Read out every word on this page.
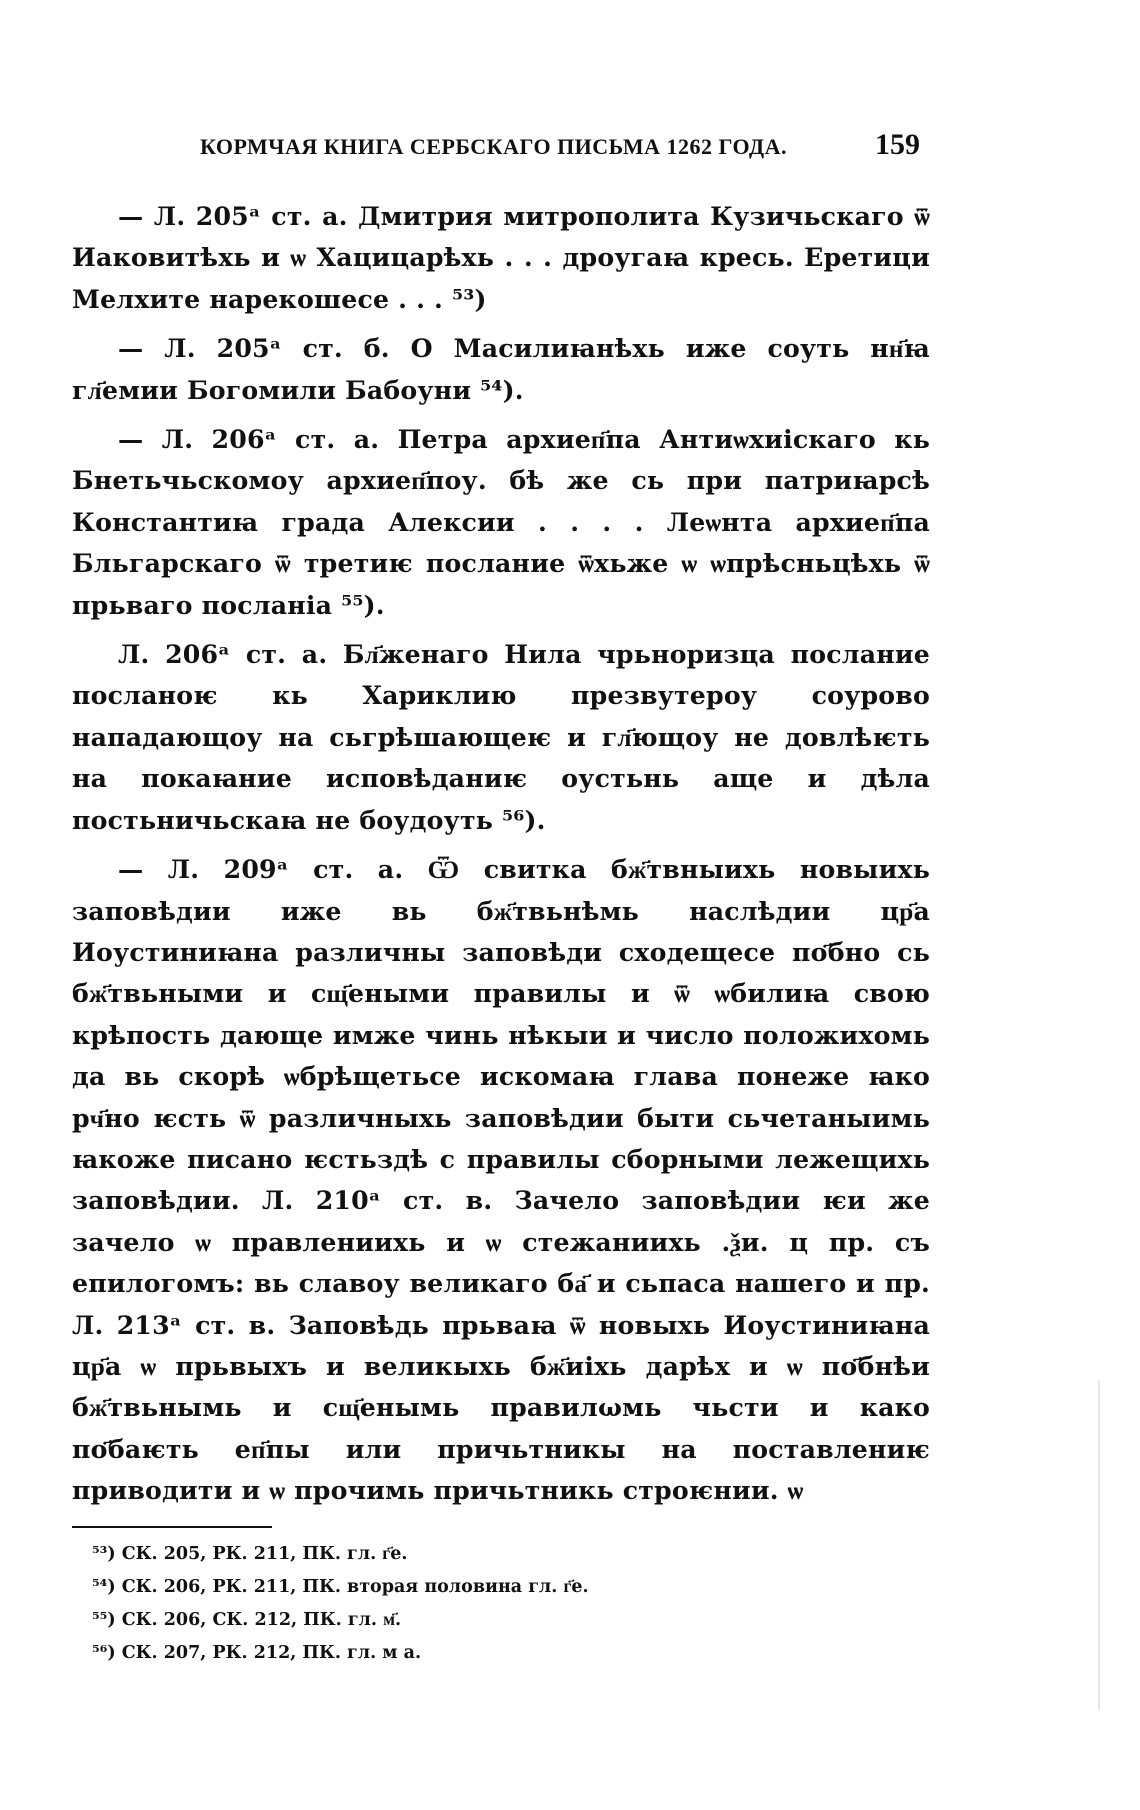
КОРМЧАЯ КНИГА СЕРБСКАГО ПИСЬМА 1262 ГОДА.	159

— Л. 205ᵃ ст. а. Дмитрия митрополита Кузичьскаго ѿ Иаковитѣхь и ѡ Хацицарѣхь . . . дроугаꙗ кресь. Еретици Мелхите нарекошесе . . . ⁵³)

— Л. 205ᵃ ст. б. О Масилиꙗнѣхь иже соуть нн҃ꙗ гл҃емии Богомили Бабоуни ⁵⁴).

— Л. 206ᵃ ст. а. Петра архиеп҃па Антиѡхиiскаго кь Бнетьчьскомоу архиеп҃поу. бѣ же сь при патриꙗрсѣ Константиꙗ града Алексии . . . . Леѡнта архиеп҃па Бльгарскаго ѿ третиѥ послание ѿхьже ѡ ѡпрѣсньцѣхь ѿ прьваго посланiа ⁵⁵).

Л. 206ᵃ ст. а. Бл҃женаго Нила чрьноризца послание посланоѥ кь Хариклию презвутероу соурово нападающоу на сьгрѣшающеѥ и гл҃ющоу не довлѣѥть на покаꙗние исповѣданиѥ оустьнь аще и дѣла постьничьскаꙗ не боудоуть ⁵⁶).

— Л. 209ᵃ ст. а. Ѿ свитка бж҃твныихь новыихь заповѣдии иже вь бж҃твьнѣмь наслѣдии цр҃а Иоустиниꙗна различны заповѣди сходещесе пο҃бно сь бж҃твьными и сщ҃еными правилы и ѿ ѡбилиꙗ свою крѣпость дающе имже чинь нѣкыи и число положихомь да вь скорѣ ѡбрѣщетьсе искомаꙗ глава понеже ꙗко рч҃но ѥсть ѿ различныхь заповѣдии быти сьчетаныимь ꙗкоже писано ѥстьздѣ с правилы сборными лежещихь заповѣдии. Л. 210ᵃ ст. в. Зачело заповѣдии ѥи же зачело ѡ правлениихь и ѡ стежаниихь .ѯи. ц пр. съ епилогомъ: вь славоу великаго ба҃ и сьпаса нашего и пр. Л. 213ᵃ ст. в. Заповѣдь прьваꙗ ѿ новыхь Иоустиниꙗна цр҃а ѡ прьвыхъ и великыхь бж҃иiхь дарѣх и ѡ пο҃бнѣи бж҃твьнымь и сщ҃енымь правилωмь чьсти и како пο҃баѥть еп҃пы или причьтникы на поставлениѥ приводити и ѡ прочимь причьтникь строѥнии. ѡ

⁵³) СК. 205, РК. 211, ПК. гл. г҃е.

⁵⁴) СК. 206, РК. 211, ПК. вторая половина гл. г҃е.

⁵⁵) СК. 206, СК. 212, ПК. гл. м҃.

⁵⁶) СК. 207, РК. 212, ПК. гл. м а.
